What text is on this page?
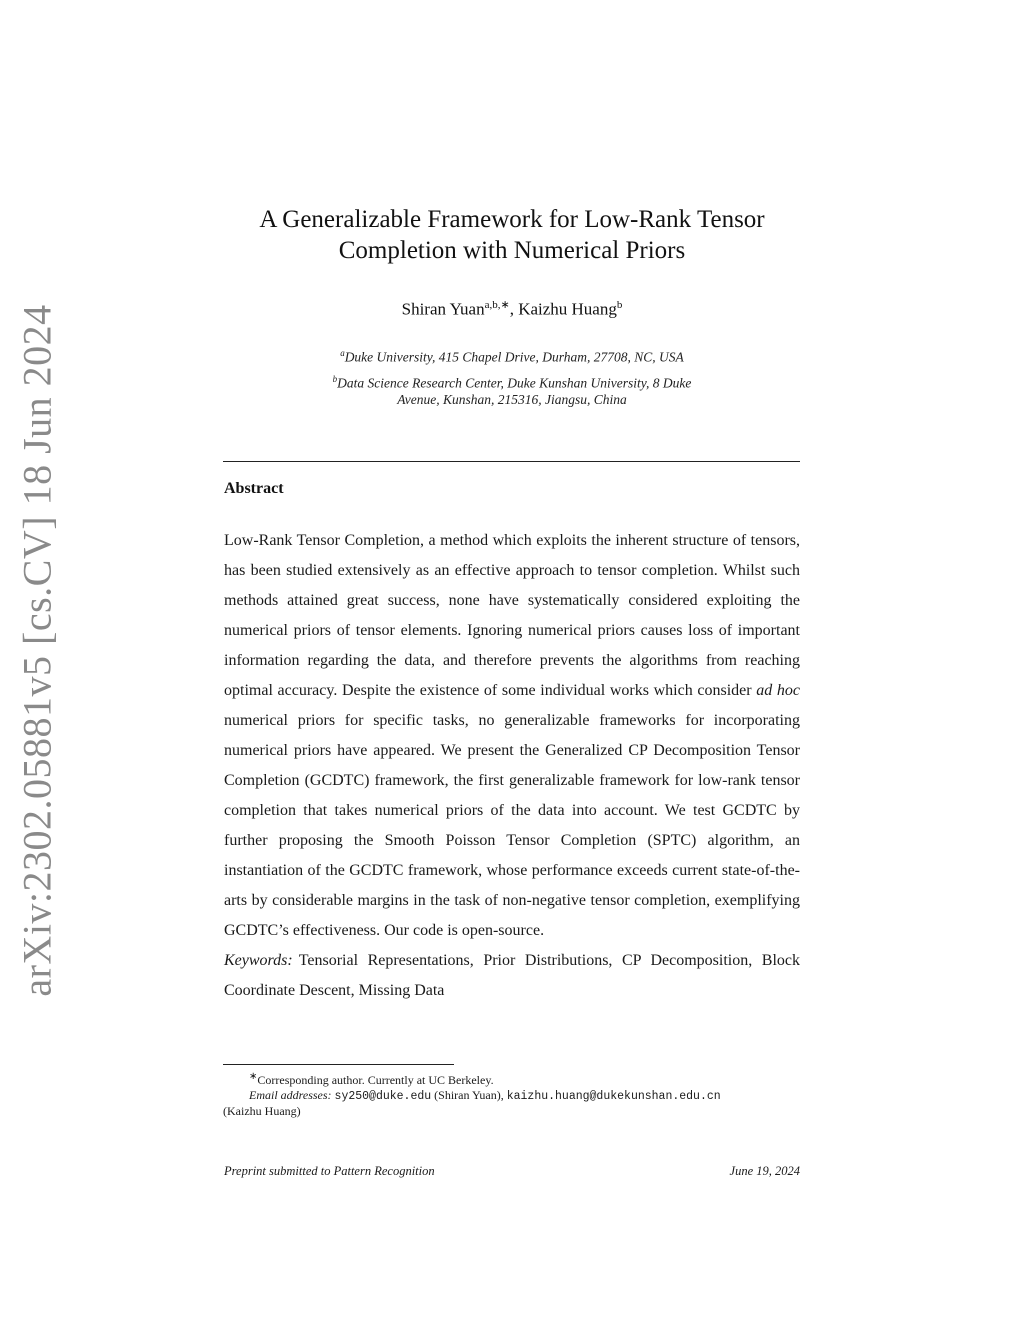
arXiv:2302.05881v5 [cs.CV] 18 Jun 2024
A Generalizable Framework for Low-Rank Tensor
Completion with Numerical Priors
Shiran Yuan$^{a,b,∗}$, Kaizhu Huang$^b$
$^a$Duke University, 415 Chapel Drive, Durham, 27708, NC, USA
$^b$Data Science Research Center, Duke Kunshan University, 8 Duke
Avenue, Kunshan, 215316, Jiangsu, China
Abstract

Low-Rank Tensor Completion, a method which exploits the inherent structure of tensors, has been studied extensively as an effective approach to tensor completion. Whilst such methods attained great success, none have systematically considered exploiting the numerical priors of tensor elements. Ignoring numerical priors causes loss of important information regarding the data, and therefore prevents the algorithms from reaching optimal accuracy. Despite the existence of some individual works which consider ad hoc numerical priors for specific tasks, no generalizable frameworks for incorporating numerical priors have appeared. We present the Generalized CP Decomposition Tensor Completion (GCDTC) framework, the first generalizable framework for low-rank tensor completion that takes numerical priors of the data into account. We test GCDTC by further proposing the Smooth Poisson Tensor Completion (SPTC) algorithm, an instantiation of the GCDTC framework, whose performance exceeds current state-of-the-arts by considerable margins in the task of non-negative tensor completion, exemplifying GCDTC’s effectiveness. Our code is open-source.

Keywords: Tensorial Representations, Prior Distributions, CP Decomposition, Block Coordinate Descent, Missing Data

∗Corresponding author. Currently at UC Berkeley.

Email addresses: sy250@duke.edu (Shiran Yuan), kaizhu.huang@dukekunshan.edu.cn

(Kaizhu Huang)

Preprint submitted to Pattern Recognition	June 19, 2024
